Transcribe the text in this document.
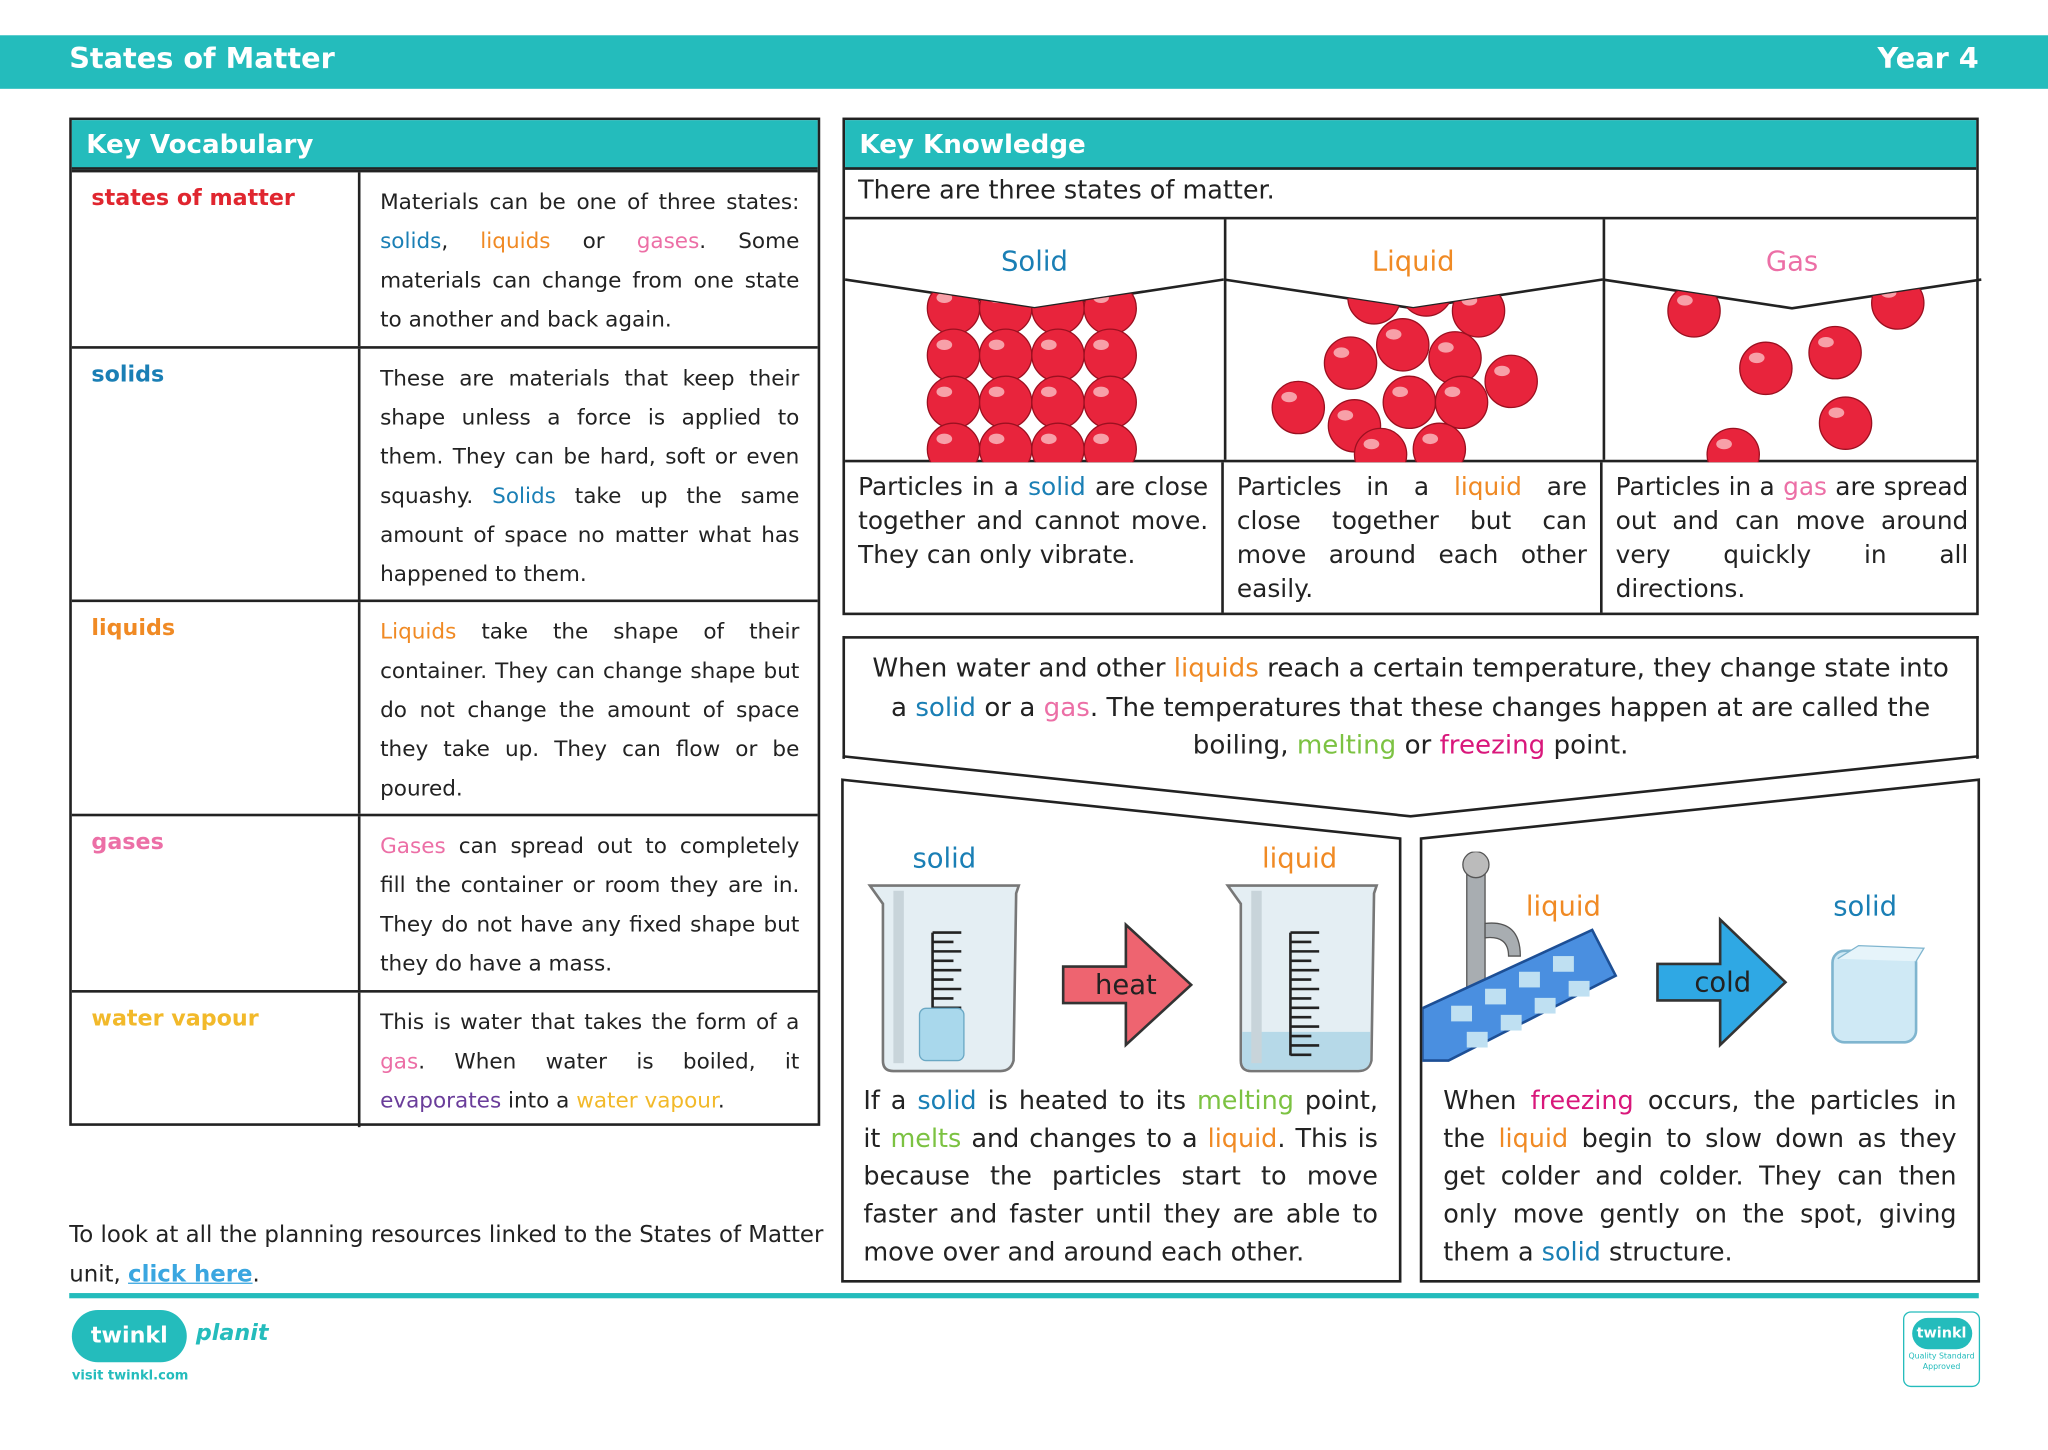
States of Matter	Year 4
Key Vocabulary
states of matter	Materials can be one of three states: solids, liquids or gases. Some materials can change from one state to another and back again.
solids	These are materials that keep their shape unless a force is applied to them. They can be hard, soft or even squashy. Solids take up the same amount of space no matter what has happened to them.
liquids	Liquids take the shape of their container. They can change shape but do not change the amount of space they take up. They can flow or be poured.
gases	Gases can spread out to completely fill the container or room they are in. They do not have any fixed shape but they do have a mass.
water vapour	This is water that takes the form of a gas. When water is boiled, it evaporates into a water vapour.
Key Knowledge
There are three states of matter.
Solid	Liquid	Gas
Particles in a solid are close together and cannot move. They can only vibrate.
Particles in a liquid are close together but can move around each other easily.
Particles in a gas are spread out and can move around very quickly in all directions.
When water and other liquids reach a certain temperature, they change state into a solid or a gas. The temperatures that these changes happen at are called the boiling, melting or freezing point.
solid	liquid
heat
If a solid is heated to its melting point, it melts and changes to a liquid. This is because the particles start to move faster and faster until they are able to move over and around each other.
liquid	solid
cold
When freezing occurs, the particles in the liquid begin to slow down as they get colder and colder. They can then only move gently on the spot, giving them a solid structure.
To look at all the planning resources linked to the States of Matter unit, click here.
twinkl	planit
visit twinkl.com
twinkl
Quality Standard Approved
